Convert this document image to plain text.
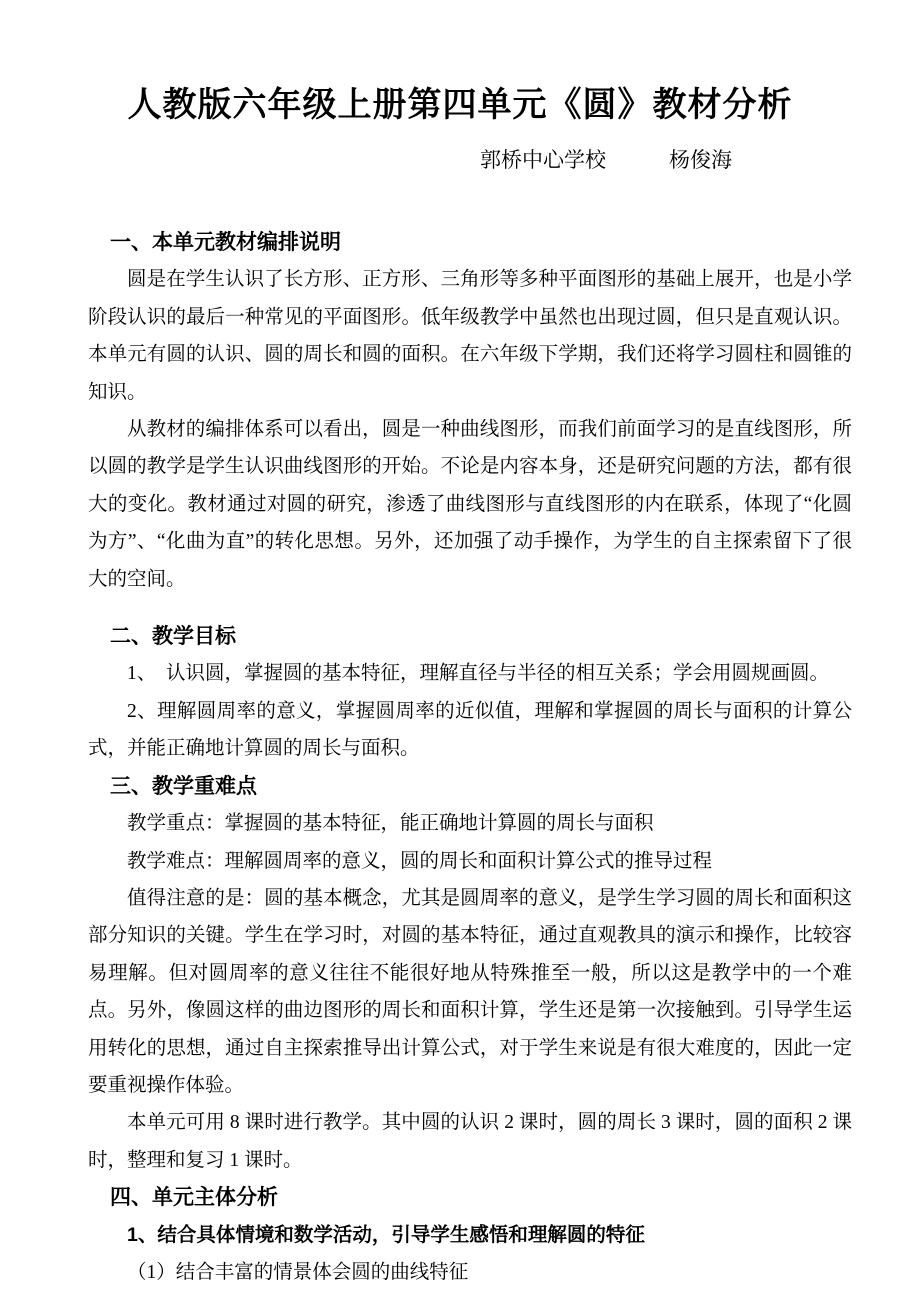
人教版六年级上册第四单元《圆》教材分析
郭桥中心学校　　　杨俊海
一、本单元教材编排说明

圆是在学生认识了长方形、正方形、三角形等多种平面图形的基础上展开，也是小学阶段认识的最后一种常见的平面图形。低年级教学中虽然也出现过圆，但只是直观认识。本单元有圆的认识、圆的周长和圆的面积。在六年级下学期，我们还将学习圆柱和圆锥的知识。

从教材的编排体系可以看出，圆是一种曲线图形，而我们前面学习的是直线图形，所以圆的教学是学生认识曲线图形的开始。不论是内容本身，还是研究问题的方法，都有很大的变化。教材通过对圆的研究，渗透了曲线图形与直线图形的内在联系，体现了“化圆为方”、“化曲为直”的转化思想。另外，还加强了动手操作，为学生的自主探索留下了很大的空间。

二、教学目标

1、　认识圆，掌握圆的基本特征，理解直径与半径的相互关系；学会用圆规画圆。

2、理解圆周率的意义，掌握圆周率的近似值，理解和掌握圆的周长与面积的计算公式，并能正确地计算圆的周长与面积。

三、教学重难点

教学重点：掌握圆的基本特征，能正确地计算圆的周长与面积

教学难点：理解圆周率的意义，圆的周长和面积计算公式的推导过程

值得注意的是：圆的基本概念，尤其是圆周率的意义，是学生学习圆的周长和面积这部分知识的关键。学生在学习时，对圆的基本特征，通过直观教具的演示和操作，比较容易理解。但对圆周率的意义往往不能很好地从特殊推至一般，所以这是教学中的一个难点。另外，像圆这样的曲边图形的周长和面积计算，学生还是第一次接触到。引导学生运用转化的思想，通过自主探索推导出计算公式，对于学生来说是有很大难度的，因此一定要重视操作体验。

本单元可用 8 课时进行教学。其中圆的认识 2 课时，圆的周长 3 课时，圆的面积 2 课时，整理和复习 1 课时。

四、单元主体分析

1、结合具体情境和数学活动，引导学生感悟和理解圆的特征

（1）结合丰富的情景体会圆的曲线特征
